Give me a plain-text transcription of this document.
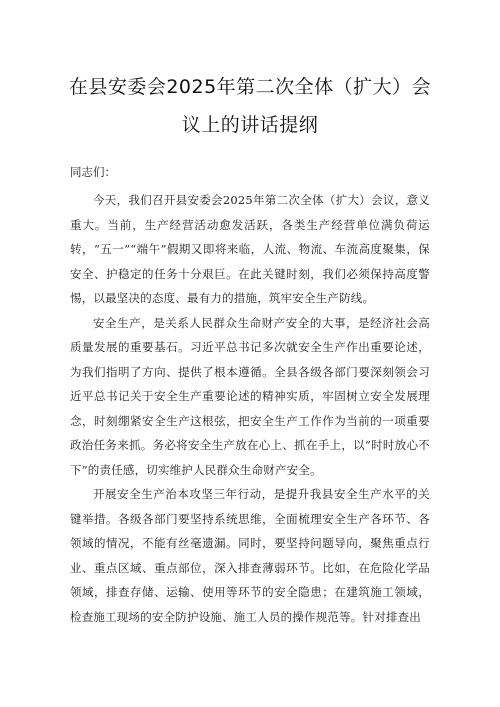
在县安委会2025年第二次全体（扩大）会
议上的讲话提纲
同志们：

今天，我们召开县安委会2025年第二次全体（扩大）会议，意义重大。当前，生产经营活动愈发活跃，各类生产经营单位满负荷运转，“五一”“端午”假期又即将来临，人流、物流、车流高度聚集，保安全、护稳定的任务十分艰巨。在此关键时刻，我们必须保持高度警惕，以最坚决的态度、最有力的措施，筑牢安全生产防线。

安全生产，是关系人民群众生命财产安全的大事，是经济社会高质量发展的重要基石。习近平总书记多次就安全生产作出重要论述，为我们指明了方向、提供了根本遵循。全县各级各部门要深刻领会习近平总书记关于安全生产重要论述的精神实质，牢固树立安全发展理念，时刻绷紧安全生产这根弦，把安全生产工作作为当前的一项重要政治任务来抓。务必将安全生产放在心上、抓在手上，以“时时放心不下”的责任感，切实维护人民群众生命财产安全。

开展安全生产治本攻坚三年行动，是提升我县安全生产水平的关键举措。各级各部门要坚持系统思维，全面梳理安全生产各环节、各领域的情况，不能有丝毫遗漏。同时，要坚持问题导向，聚焦重点行业、重点区域、重点部位，深入排查薄弱环节。比如，在危险化学品领域，排查存储、运输、使用等环节的安全隐患；在建筑施工领域，检查施工现场的安全防护设施、施工人员的操作规范等。针对排查出
